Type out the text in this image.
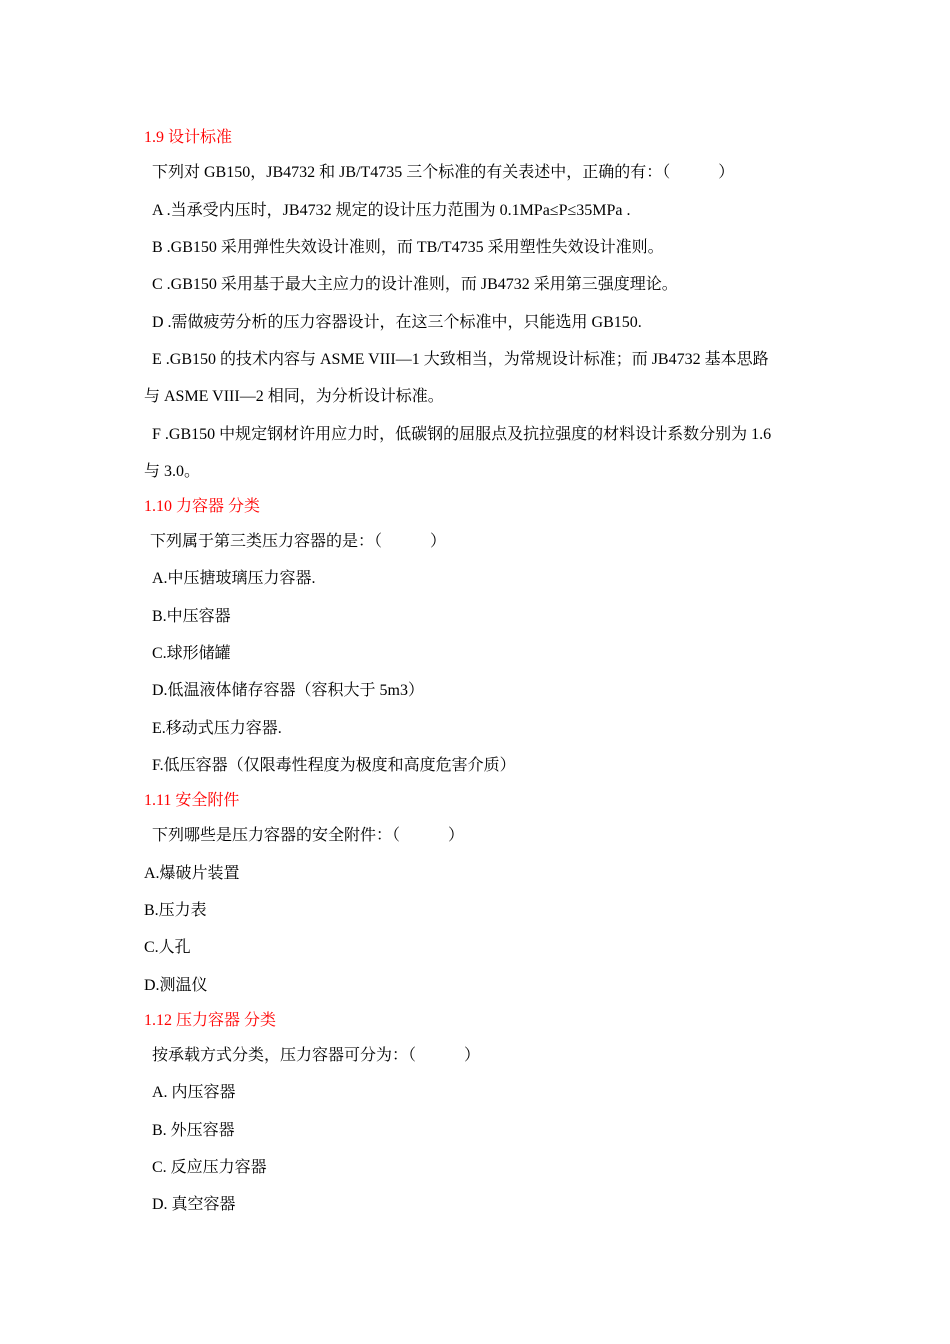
1.9 设计标准
下列对 GB150，JB4732 和 JB/T4735 三个标准的有关表述中，正确的有：（　　　）
A .当承受内压时，JB4732 规定的设计压力范围为 0.1MPa≤P≤35MPa .
B .GB150 采用弹性失效设计准则，而 TB/T4735 采用塑性失效设计准则。
C .GB150 采用基于最大主应力的设计准则，而 JB4732 采用第三强度理论。
D .需做疲劳分析的压力容器设计，在这三个标准中，只能选用 GB150.
E .GB150 的技术内容与 ASME VIII—1 大致相当，为常规设计标准；而 JB4732 基本思路
与 ASME VIII—2 相同，为分析设计标准。
F .GB150 中规定钢材许用应力时，低碳钢的屈服点及抗拉强度的材料设计系数分别为 1.6
与 3.0。
1.10 力容器 分类
下列属于第三类压力容器的是：（　　　）
A.中压搪玻璃压力容器.
B.中压容器
C.球形储罐
D.低温液体储存容器（容积大于 5m3）
E.移动式压力容器.
F.低压容器（仅限毒性程度为极度和高度危害介质）
1.11 安全附件
下列哪些是压力容器的安全附件：（　　　）
A.爆破片装置
B.压力表
C.人孔
D.测温仪
1.12 压力容器 分类
按承载方式分类，压力容器可分为：（　　　）
A. 内压容器
B. 外压容器
C. 反应压力容器
D. 真空容器
